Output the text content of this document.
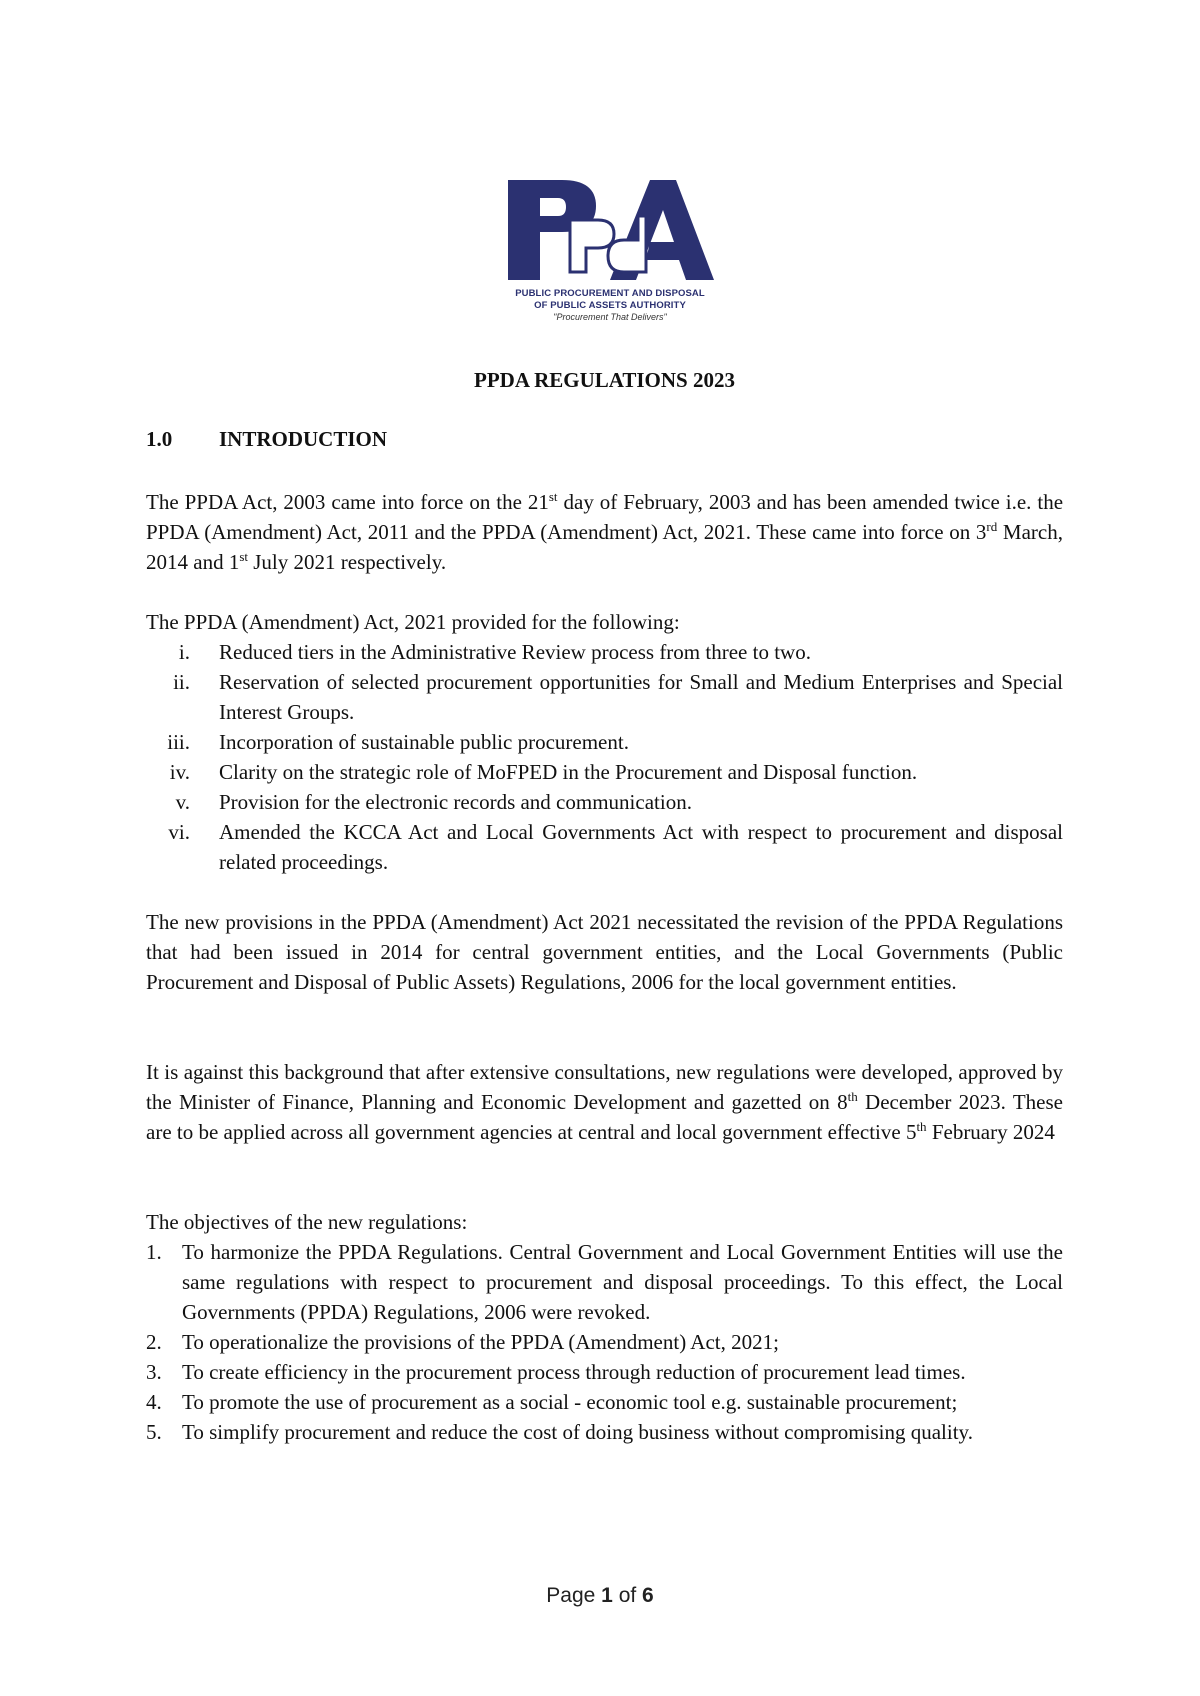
PUBLIC PROCUREMENT AND DISPOSAL
OF PUBLIC ASSETS AUTHORITY
"Procurement That Delivers"
PPDA REGULATIONS 2023
1.0 INTRODUCTION

The PPDA Act, 2003 came into force on the 21st day of February, 2003 and has been amended twice i.e. the PPDA (Amendment) Act, 2011 and the PPDA (Amendment) Act, 2021. These came into force on 3rd March, 2014 and 1st July 2021 respectively.

The PPDA (Amendment) Act, 2021 provided for the following:

i. Reduced tiers in the Administrative Review process from three to two.
ii. Reservation of selected procurement opportunities for Small and Medium Enterprises and Special Interest Groups.
iii. Incorporation of sustainable public procurement.
iv. Clarity on the strategic role of MoFPED in the Procurement and Disposal function.
v. Provision for the electronic records and communication.
vi. Amended the KCCA Act and Local Governments Act with respect to procurement and disposal related proceedings.

The new provisions in the PPDA (Amendment) Act 2021 necessitated the revision of the PPDA Regulations that had been issued in 2014 for central government entities, and the Local Governments (Public Procurement and Disposal of Public Assets) Regulations, 2006 for the local government entities.

It is against this background that after extensive consultations, new regulations were developed, approved by the Minister of Finance, Planning and Economic Development and gazetted on 8th December 2023. These are to be applied across all government agencies at central and local government effective 5th February 2024

The objectives of the new regulations:

1. To harmonize the PPDA Regulations. Central Government and Local Government Entities will use the same regulations with respect to procurement and disposal proceedings. To this effect, the Local Governments (PPDA) Regulations, 2006 were revoked.
2. To operationalize the provisions of the PPDA (Amendment) Act, 2021;
3. To create efficiency in the procurement process through reduction of procurement lead times.
4. To promote the use of procurement as a social - economic tool e.g. sustainable procurement;
5. To simplify procurement and reduce the cost of doing business without compromising quality.
Page 1 of 6
